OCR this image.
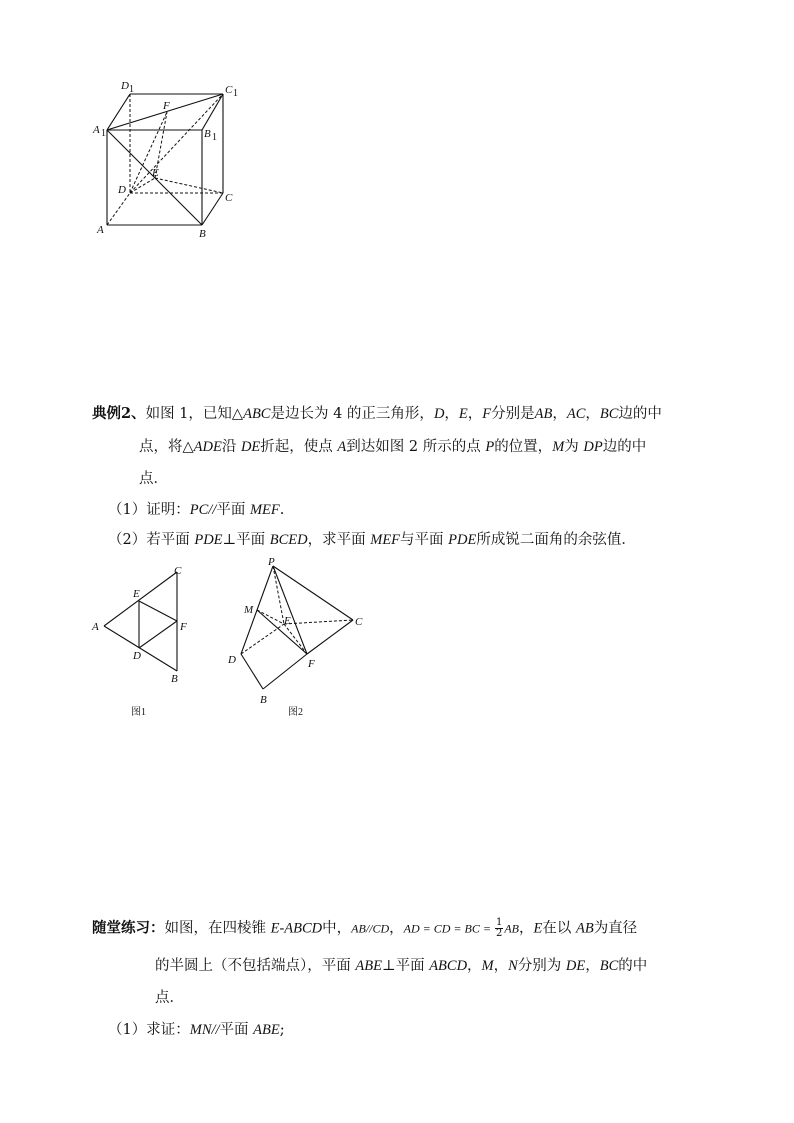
D 1	C 1
A 1	B 1
F
E
D
C
A	B
典例2、如图 1，已知△ABC是边长为 4 的正三角形，D，E，F分别是AB，AC，BC边的中
点，将△ADE沿 DE折起，使点 A到达如图 2 所示的点 P的位置，M为 DP边的中
点．
（1）证明：PC//平面 MEF.
（2）若平面 PDE⊥平面 BCED，求平面 MEF与平面 PDE所成锐二面角的余弦值．
C
E
A	F
D
B
图1
P
M
E	C
D	F
B
图2
随堂练习：如图，在四棱锥 E-ABCD中，AB//CD，AD = CD = BC = $\frac{1}{2}$ AB，E在以 AB为直径
的半圆上（不包括端点），平面 ABE⊥平面 ABCD，M，N分别为 DE，BC的中
点．
（1）求证：MN//平面 ABE;
